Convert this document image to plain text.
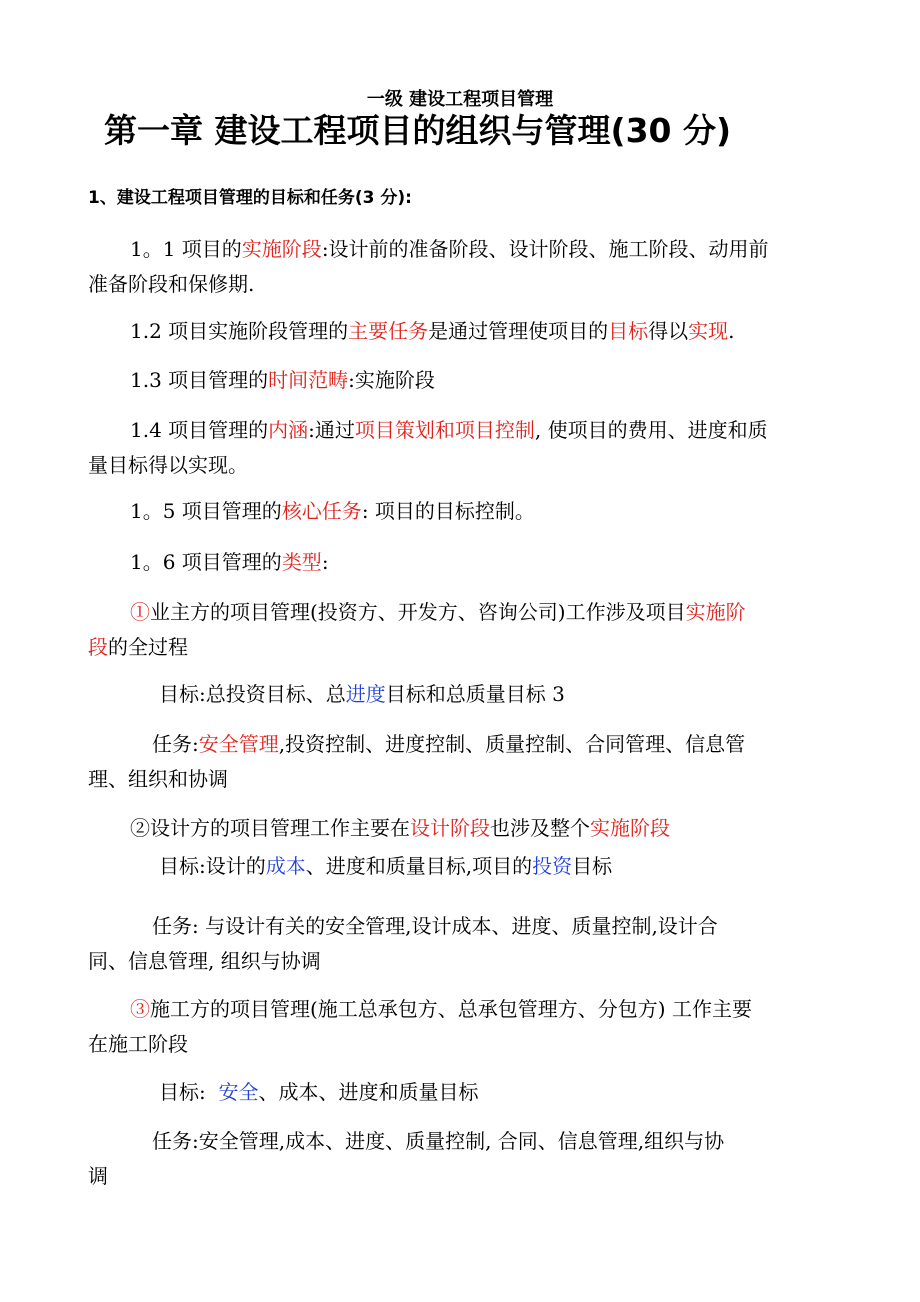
一级 建设工程项目管理

第一章 建设工程项目的组织与管理(30 分)

1、建设工程项目管理的目标和任务(3 分):

1。1 项目的实施阶段:设计前的准备阶段、设计阶段、施工阶段、动用前

准备阶段和保修期.

1.2 项目实施阶段管理的主要任务是通过管理使项目的目标得以实现.

1.3 项目管理的时间范畴:实施阶段

1.4 项目管理的内涵:通过项目策划和项目控制, 使项目的费用、进度和质

量目标得以实现。

1。5 项目管理的核心任务: 项目的目标控制。

1。6 项目管理的类型:

①业主方的项目管理(投资方、开发方、咨询公司)工作涉及项目实施阶

段的全过程

目标:总投资目标、总进度目标和总质量目标 3

任务:安全管理,投资控制、进度控制、质量控制、合同管理、信息管

理、组织和协调

②设计方的项目管理工作主要在设计阶段也涉及整个实施阶段

目标:设计的成本、进度和质量目标,项目的投资目标

任务: 与设计有关的安全管理,设计成本、进度、质量控制,设计合

同、信息管理, 组织与协调

③施工方的项目管理(施工总承包方、总承包管理方、分包方) 工作主要

在施工阶段

目标:  安全、成本、进度和质量目标

任务:安全管理,成本、进度、质量控制, 合同、信息管理,组织与协

调
